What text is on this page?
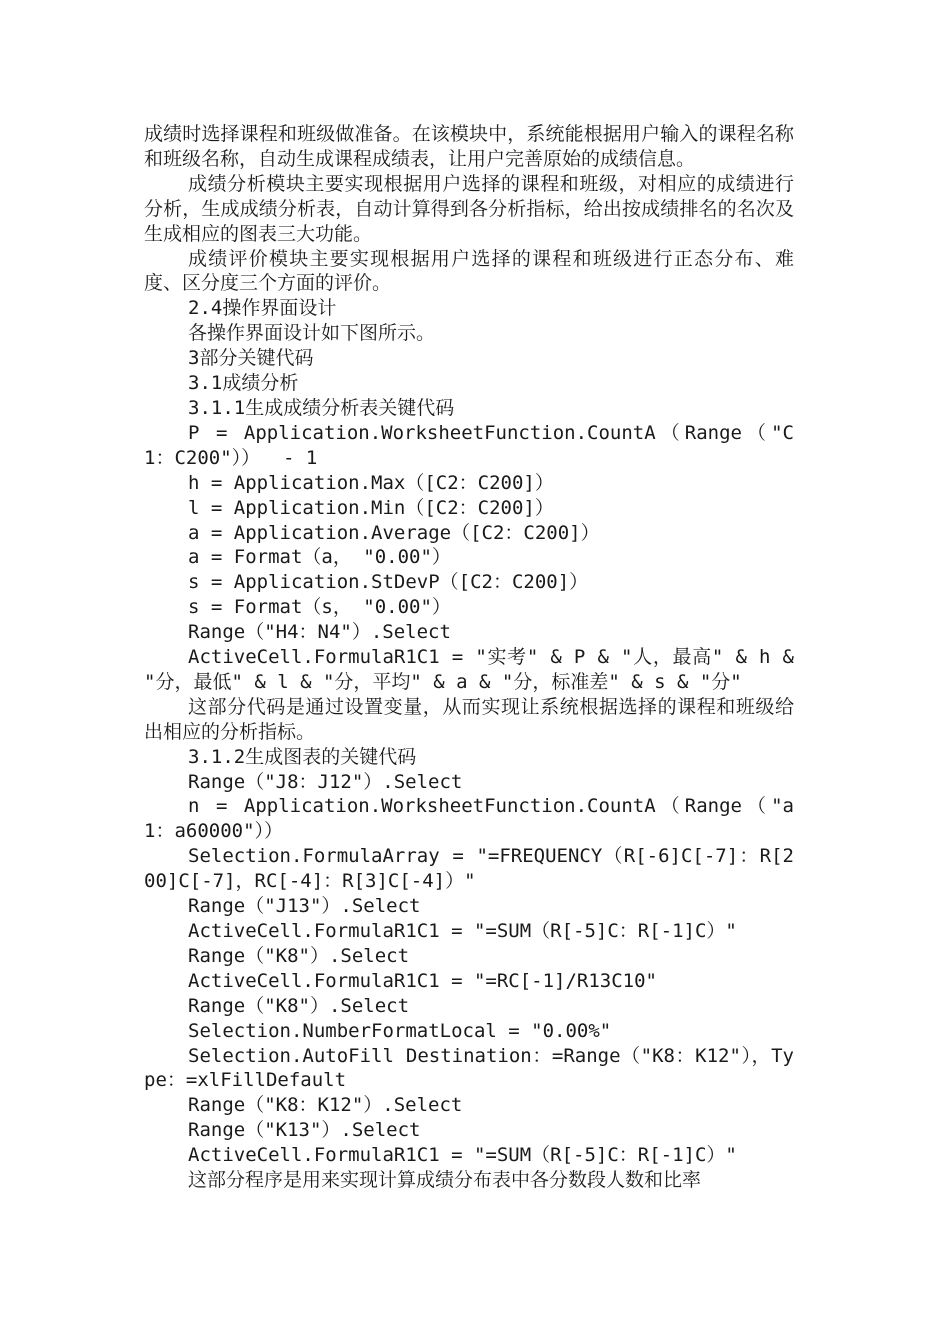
成绩时选择课程和班级做准备。在该模块中，系统能根据用户输入的课程名称和班级名称，自动生成课程成绩表，让用户完善原始的成绩信息。

成绩分析模块主要实现根据用户选择的课程和班级，对相应的成绩进行分析，生成成绩分析表，自动计算得到各分析指标，给出按成绩排名的名次及生成相应的图表三大功能。

成绩评价模块主要实现根据用户选择的课程和班级进行正态分布、难度、区分度三个方面的评价。

2.4操作界面设计

各操作界面设计如下图所示。

3部分关键代码

3.1成绩分析

3.1.1生成成绩分析表关键代码

P = Application.WorksheetFunction.CountA（Range（"C1：C200"））  - 1

h = Application.Max（[C2：C200]）

l = Application.Min（[C2：C200]）

a = Application.Average（[C2：C200]）

a = Format（a， "0.00"）

s = Application.StDevP（[C2：C200]）

s = Format（s， "0.00"）

Range（"H4：N4"）.Select

ActiveCell.FormulaR1C1 = "实考" & P & "人，最高" & h & "分，最低" & l & "分，平均" & a & "分，标准差" & s & "分"

这部分代码是通过设置变量，从而实现让系统根据选择的课程和班级给出相应的分析指标。

3.1.2生成图表的关键代码

Range（"J8：J12"）.Select

n = Application.WorksheetFunction.CountA（Range（"a1：a60000"））

Selection.FormulaArray = "=FREQUENCY（R[-6]C[-7]：R[200]C[-7]，RC[-4]：R[3]C[-4]）"

Range（"J13"）.Select

ActiveCell.FormulaR1C1 = "=SUM（R[-5]C：R[-1]C）"

Range（"K8"）.Select

ActiveCell.FormulaR1C1 = "=RC[-1]/R13C10"

Range（"K8"）.Select

Selection.NumberFormatLocal = "0.00%"

Selection.AutoFill Destination：=Range（"K8：K12"），Type：=xlFillDefault

Range（"K8：K12"）.Select

Range（"K13"）.Select

ActiveCell.FormulaR1C1 = "=SUM（R[-5]C：R[-1]C）"

这部分程序是用来实现计算成绩分布表中各分数段人数和比率
